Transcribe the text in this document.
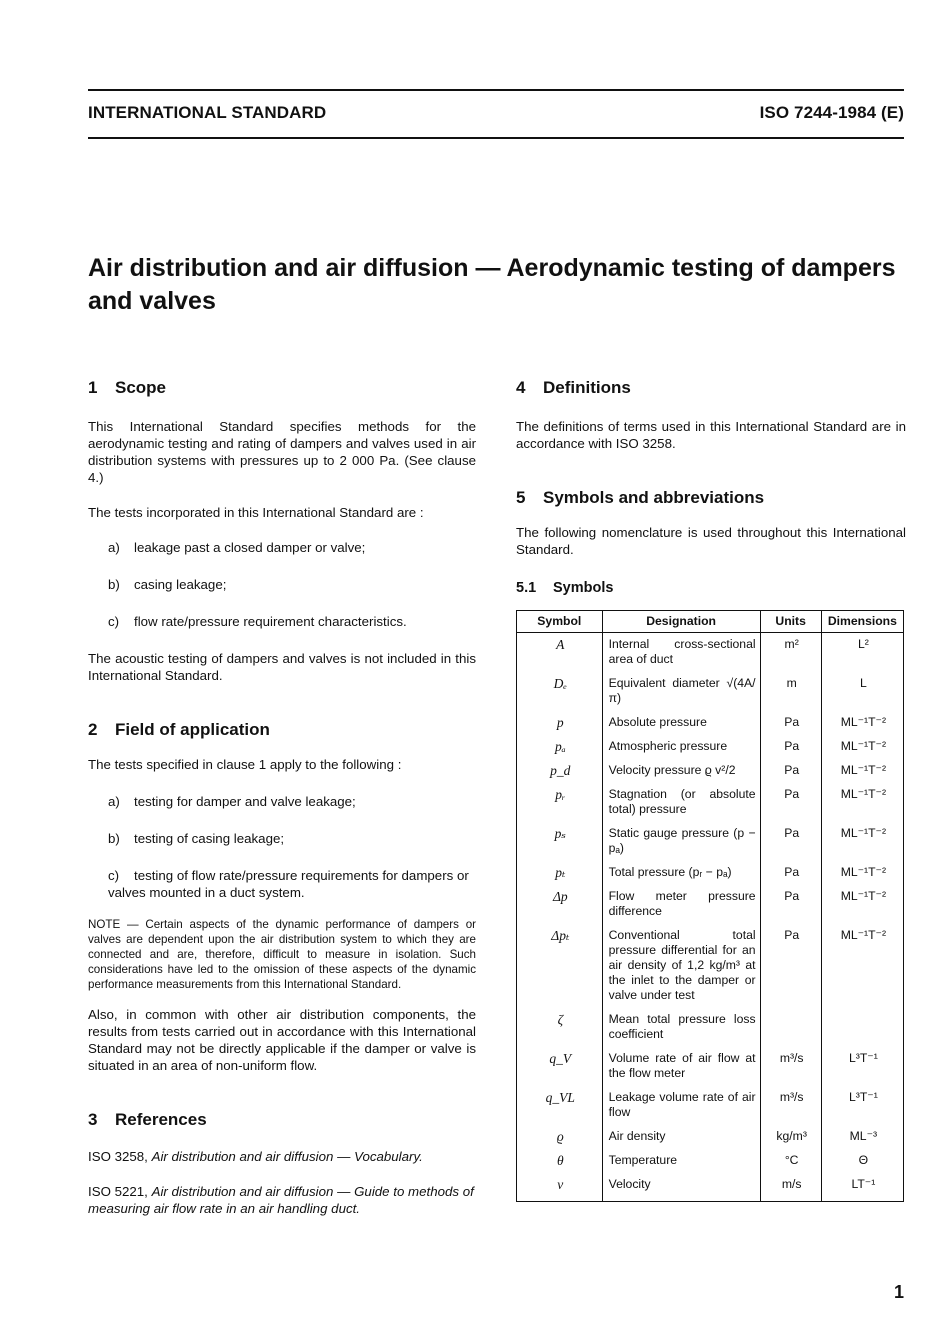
INTERNATIONAL STANDARD	ISO 7244-1984 (E)
Air distribution and air diffusion — Aerodynamic testing of dampers and valves
1 Scope

This International Standard specifies methods for the aerodynamic testing and rating of dampers and valves used in air distribution systems with pressures up to 2 000 Pa. (See clause 4.)

The tests incorporated in this International Standard are :

a) leakage past a closed damper or valve;

b) casing leakage;

c) flow rate/pressure requirement characteristics.

The acoustic testing of dampers and valves is not included in this International Standard.

2 Field of application

The tests specified in clause 1 apply to the following :

a) testing for damper and valve leakage;

b) testing of casing leakage;

c) testing of flow rate/pressure requirements for dampers or valves mounted in a duct system.

NOTE — Certain aspects of the dynamic performance of dampers or valves are dependent upon the air distribution system to which they are connected and are, therefore, difficult to measure in isolation. Such considerations have led to the omission of these aspects of the dynamic performance measurements from this International Standard.

Also, in common with other air distribution components, the results from tests carried out in accordance with this International Standard may not be directly applicable if the damper or valve is situated in an area of non-uniform flow.

3 References

ISO 3258, Air distribution and air diffusion — Vocabulary.

ISO 5221, Air distribution and air diffusion — Guide to methods of measuring air flow rate in an air handling duct.

4 Definitions

The definitions of terms used in this International Standard are in accordance with ISO 3258.

5 Symbols and abbreviations

The following nomenclature is used throughout this International Standard.

5.1 Symbols
Symbol	Designation	Units	Dimensions
A	Internal cross-sectional area of duct	m²	L²
Dₑ	Equivalent diameter √(4A/π)	m	L
p	Absolute pressure	Pa	ML⁻¹T⁻²
pₐ	Atmospheric pressure	Pa	ML⁻¹T⁻²
p_d	Velocity pressure ϱ v²/2	Pa	ML⁻¹T⁻²
pᵣ	Stagnation (or absolute total) pressure	Pa	ML⁻¹T⁻²
pₛ	Static gauge pressure (p − pₐ)	Pa	ML⁻¹T⁻²
pₜ	Total pressure (pᵣ − pₐ)	Pa	ML⁻¹T⁻²
Δp	Flow meter pressure difference	Pa	ML⁻¹T⁻²
Δpₜ	Conventional total pressure differential for an air density of 1,2 kg/m³ at the inlet to the damper or valve under test	Pa	ML⁻¹T⁻²
ζ	Mean total pressure loss coefficient		
q_V	Volume rate of air flow at the flow meter	m³/s	L³T⁻¹
q_VL	Leakage volume rate of air flow	m³/s	L³T⁻¹
ϱ	Air density	kg/m³	ML⁻³
θ	Temperature	°C	Θ
v	Velocity	m/s	LT⁻¹
1
